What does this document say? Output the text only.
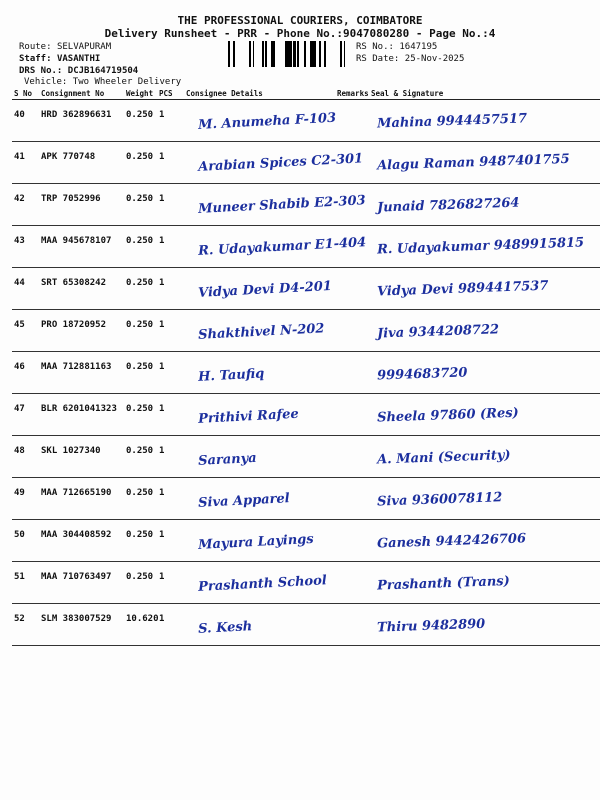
THE PROFESSIONAL COURIERS, COIMBATORE
Delivery Runsheet - PRR - Phone No.:9047080280 - Page No.:4
Route: SELVAPURAM
Staff: VASANTHI
DRS No.: DCJB164719504
Vehicle: Two Wheeler Delivery
RS No.: 1647195
RS Date: 25-Nov-2025
S No	Consignment No	Weight	PCS	Consignee Details	Remarks	Seal & Signature
40	HRD 362896631	0.250	1	M. Anumeha F-103		Mahina 9944457517

41	APK 770748	0.250	1	Arabian Spices C2-301		Alagu Raman 9487401755

42	TRP 7052996	0.250	1	Muneer Shabib E2-303		Junaid 7826827264

43	MAA 945678107	0.250	1	R. Udayakumar E1-404		R. Udayakumar 9489915815

44	SRT 65308242	0.250	1	Vidya Devi D4-201		Vidya Devi 9894417537

45	PRO 18720952	0.250	1	Shakthivel N-202		Jiva 9344208722

46	MAA 712881163	0.250	1	H. Taufiq		9994683720

47	BLR 6201041323	0.250	1	Prithivi Rafee		Sheela 97860 (Res)

48	SKL 1027340	0.250	1	Saranya		A. Mani (Security)

49	MAA 712665190	0.250	1	Siva Apparel		Siva 9360078112

50	MAA 304408592	0.250	1	Mayura Layings		Ganesh 9442426706

51	MAA 710763497	0.250	1	Prashanth School		Prashanth (Trans)

52	SLM 383007529	10.620	1	S. Kesh		Thiru 9482890
